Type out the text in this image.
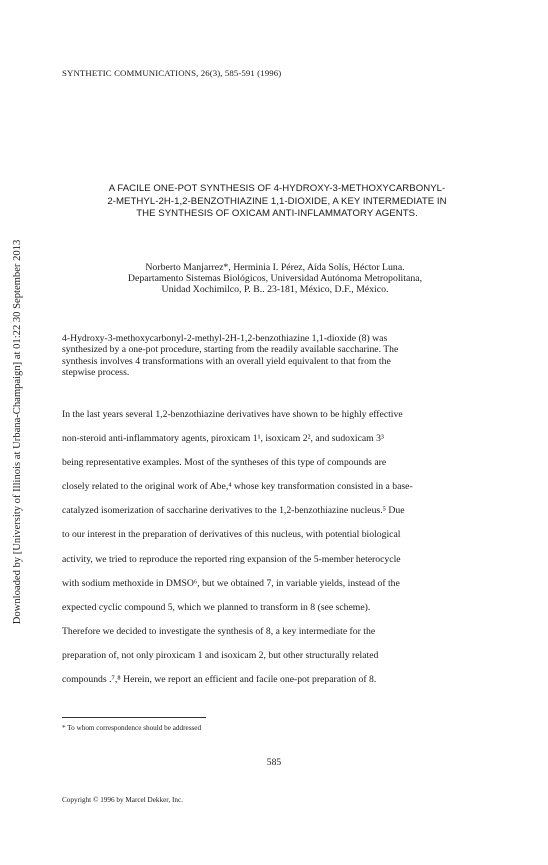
Downloaded by [University of Illinois at Urbana-Champaign] at 01:22 30 September 2013
SYNTHETIC COMMUNICATIONS, 26(3), 585-591 (1996)
A FACILE ONE-POT SYNTHESIS OF 4-HYDROXY-3-METHOXYCARBONYL-
2-METHYL-2H-1,2-BENZOTHIAZINE 1,1-DIOXIDE, A KEY INTERMEDIATE IN
THE SYNTHESIS OF OXICAM ANTI-INFLAMMATORY AGENTS.
Norberto Manjarrez*, Herminia I. Pérez, Aída Solís, Héctor Luna.
Departamento Sistemas Biológicos, Universidad Autónoma Metropolitana,
Unidad Xochimilco, P. B.. 23-181, México, D.F., México.
4-Hydroxy-3-methoxycarbonyl-2-methyl-2H-1,2-benzothiazine 1,1-dioxide (8) was
synthesized by a one-pot procedure, starting from the readily available saccharine. The
synthesis involves 4 transformations with an overall yield equivalent to that from the
stepwise process.
In the last years several 1,2-benzothiazine derivatives have shown to be highly effective
non-steroid anti-inflammatory agents, piroxicam 1¹, isoxicam 2², and sudoxicam 3³
being representative examples. Most of the syntheses of this type of compounds are
closely related to the original work of Abe,⁴ whose key transformation consisted in a base-
catalyzed isomerization of saccharine derivatives to the 1,2-benzothiazine nucleus.⁵ Due
to our interest in the preparation of derivatives of this nucleus, with potential biological
activity, we tried to reproduce the reported ring expansion of the 5-member heterocycle
with sodium methoxide in DMSO⁶, but we obtained 7, in variable yields, instead of the
expected cyclic compound 5, which we planned to transform in 8 (see scheme).
Therefore we decided to investigate the synthesis of 8, a key intermediate for the
preparation of, not only piroxicam 1 and isoxicam 2, but other structurally related
compounds .⁷,⁸ Herein, we report an efficient and facile one-pot preparation of 8.
* To whom correspondence should be addressed
585
Copyright © 1996 by Marcel Dekker, Inc.
